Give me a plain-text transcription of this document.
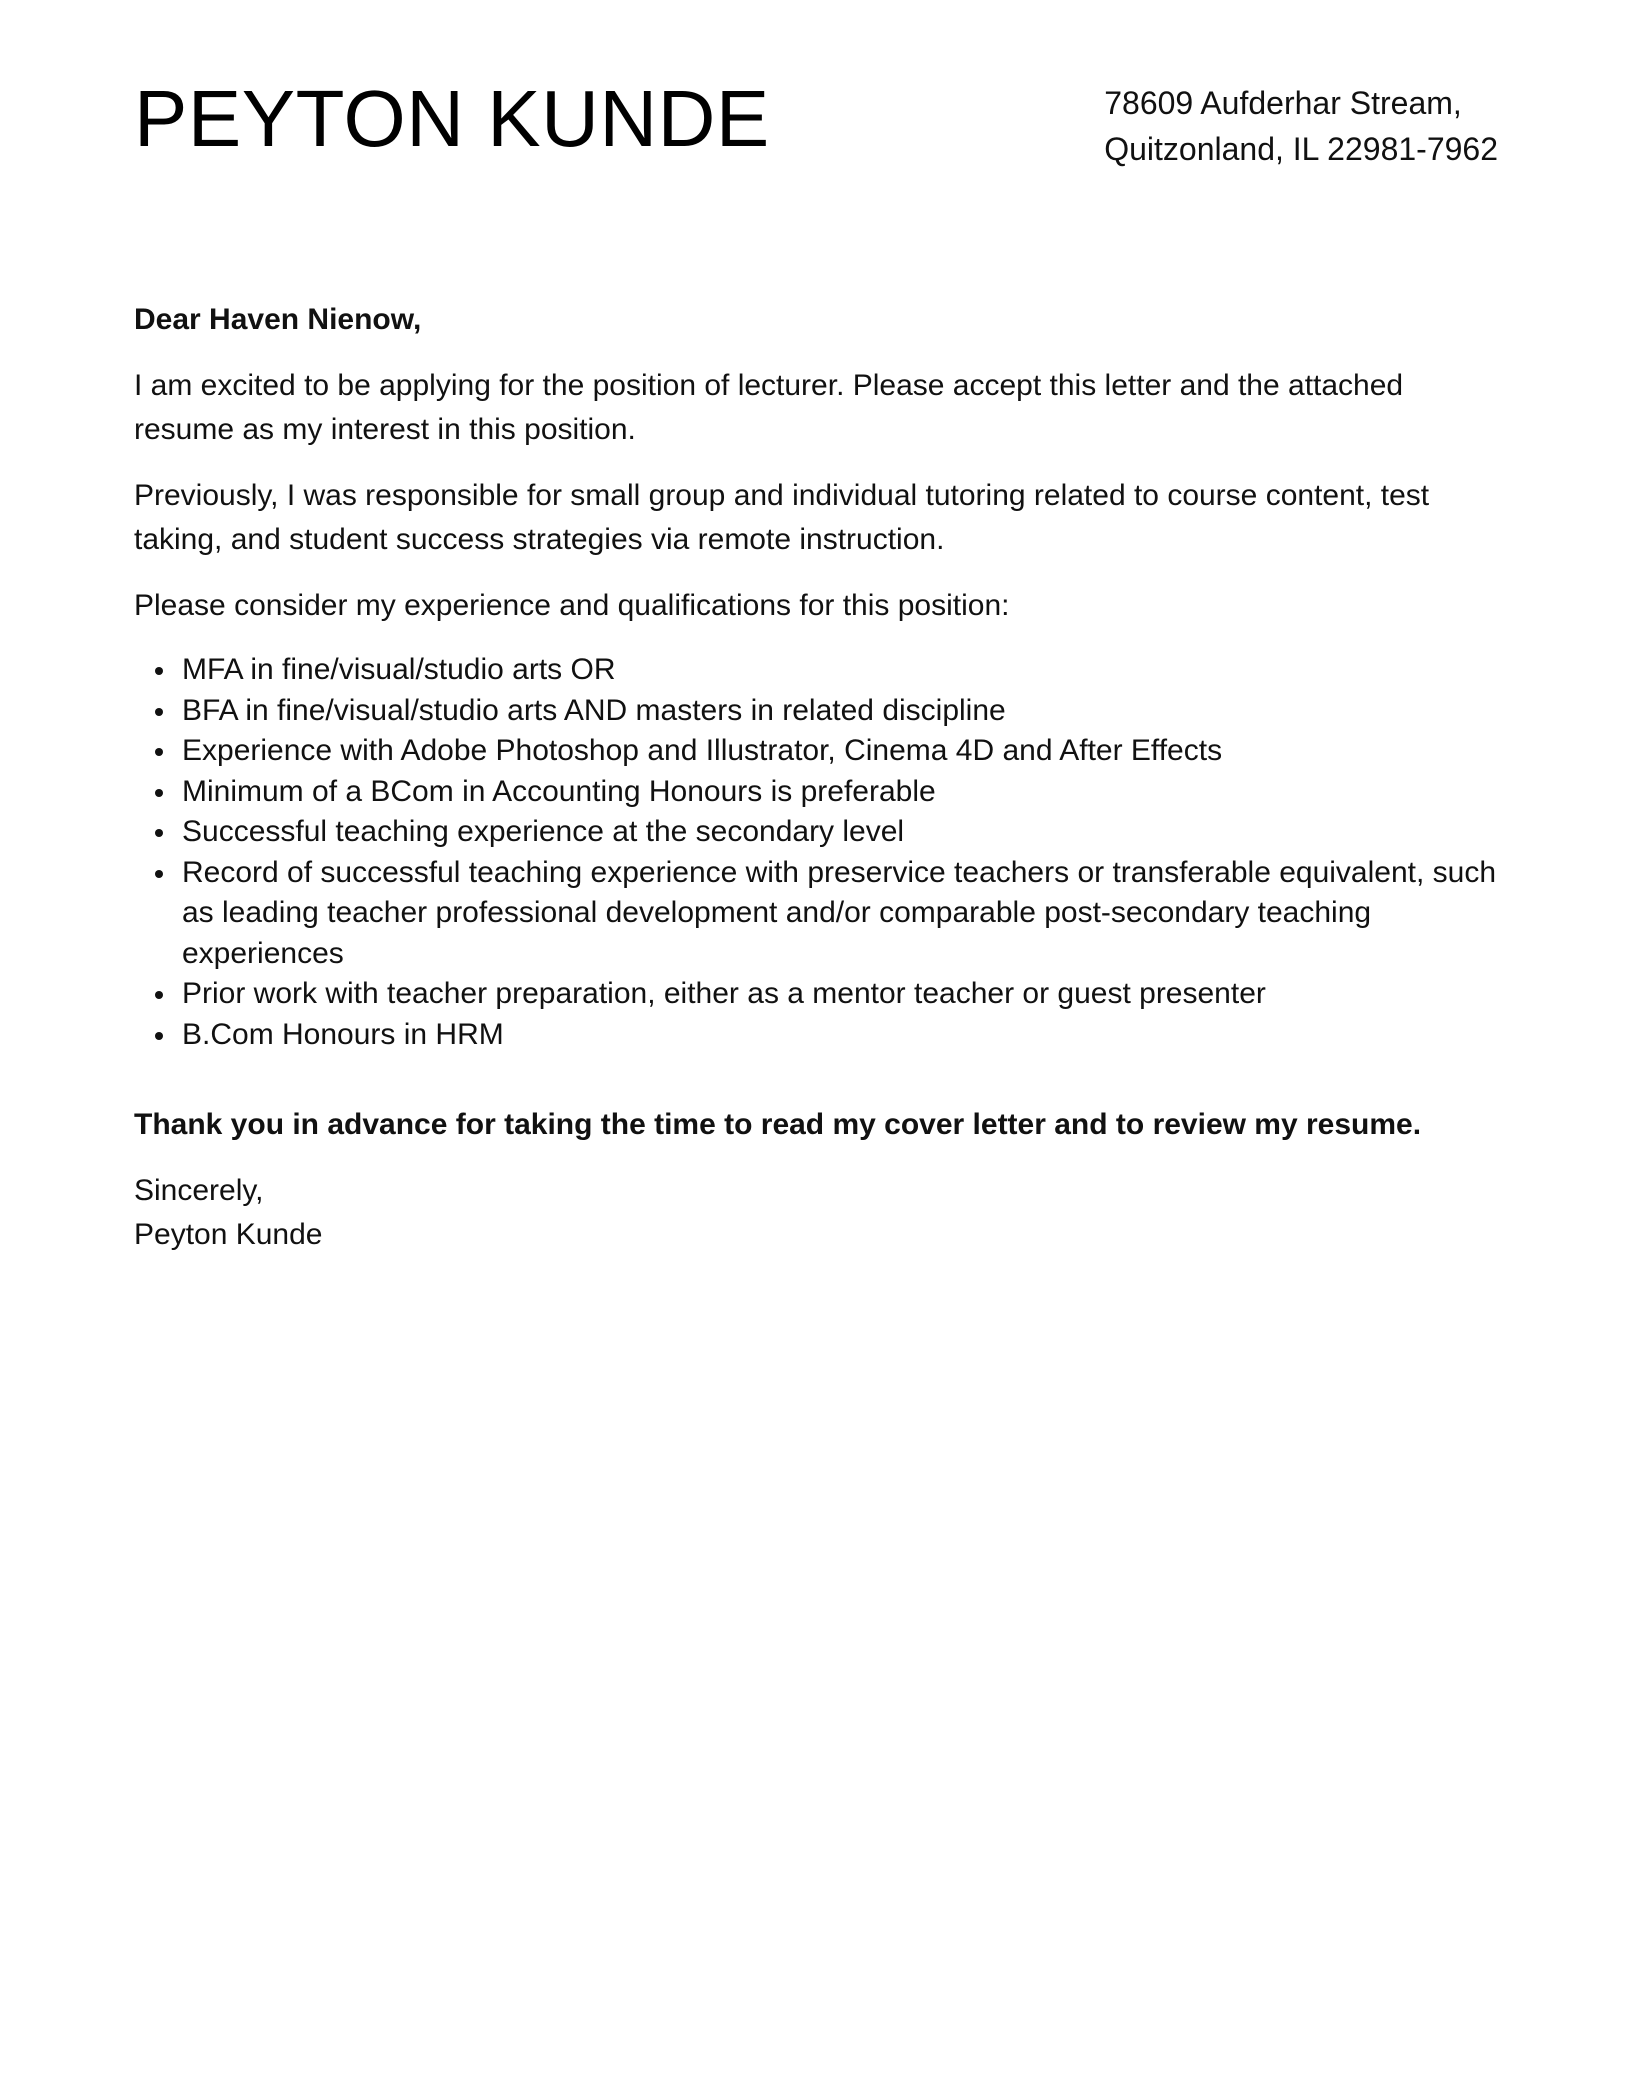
PEYTON KUNDE	78609 Aufderhar Stream,
Quitzonland, IL 22981-7962

Dear Haven Nienow,

I am excited to be applying for the position of lecturer. Please accept this letter and the attached resume as my interest in this position.

Previously, I was responsible for small group and individual tutoring related to course content, test taking, and student success strategies via remote instruction.

Please consider my experience and qualifications for this position:

MFA in fine/visual/studio arts OR
BFA in fine/visual/studio arts AND masters in related discipline
Experience with Adobe Photoshop and Illustrator, Cinema 4D and After Effects
Minimum of a BCom in Accounting Honours is preferable
Successful teaching experience at the secondary level
Record of successful teaching experience with preservice teachers or transferable equivalent, such as leading teacher professional development and/or comparable post-secondary teaching experiences
Prior work with teacher preparation, either as a mentor teacher or guest presenter
B.Com Honours in HRM

Thank you in advance for taking the time to read my cover letter and to review my resume.

Sincerely,
Peyton Kunde
